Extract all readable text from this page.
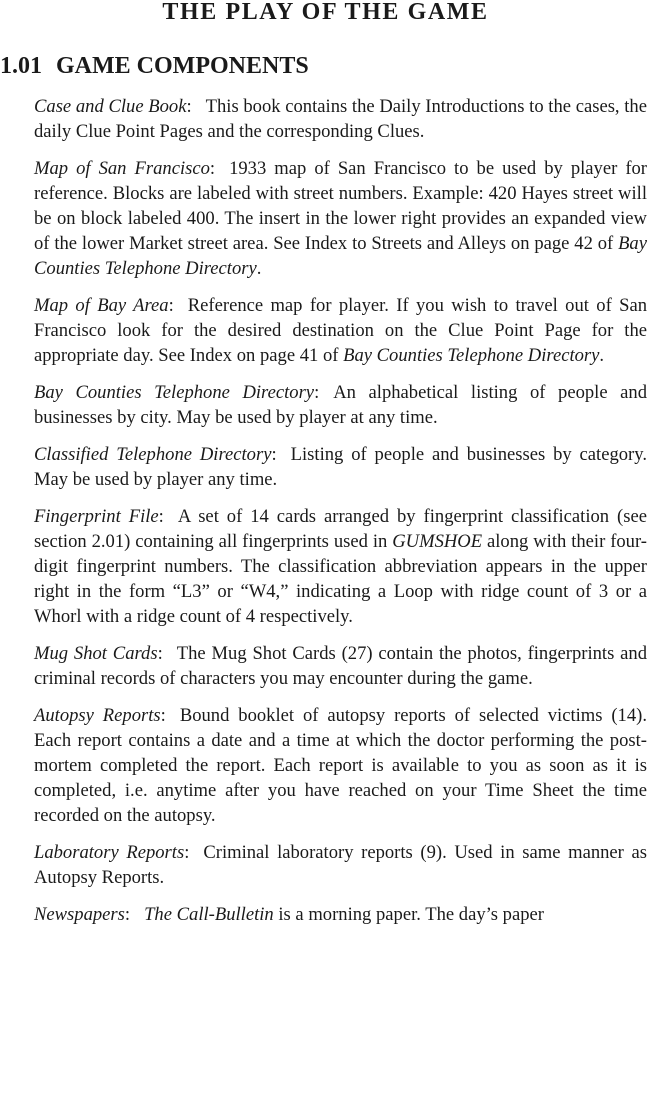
THE PLAY OF THE GAME
1.01 GAME COMPONENTS

Case and Clue Book: This book contains the Daily Introductions to the cases, the daily Clue Point Pages and the corresponding Clues.

Map of San Francisco: 1933 map of San Francisco to be used by player for reference. Blocks are labeled with street numbers. Example: 420 Hayes street will be on block labeled 400. The insert in the lower right provides an expanded view of the lower Market street area. See Index to Streets and Alleys on page 42 of Bay Counties Telephone Directory.

Map of Bay Area: Reference map for player. If you wish to travel out of San Francisco look for the desired destination on the Clue Point Page for the appropriate day. See Index on page 41 of Bay Counties Telephone Directory.

Bay Counties Telephone Directory: An alphabetical listing of people and businesses by city. May be used by player at any time.

Classified Telephone Directory: Listing of people and businesses by category. May be used by player any time.

Fingerprint File: A set of 14 cards arranged by fingerprint classification (see section 2.01) containing all fingerprints used in GUMSHOE along with their four-digit fingerprint numbers. The classification abbreviation appears in the upper right in the form “L3” or “W4,” indicating a Loop with ridge count of 3 or a Whorl with a ridge count of 4 respectively.

Mug Shot Cards: The Mug Shot Cards (27) contain the photos, fingerprints and criminal records of characters you may encounter during the game.

Autopsy Reports: Bound booklet of autopsy reports of selected victims (14). Each report contains a date and a time at which the doctor performing the post-mortem completed the report. Each report is available to you as soon as it is completed, i.e. anytime after you have reached on your Time Sheet the time recorded on the autopsy.

Laboratory Reports: Criminal laboratory reports (9). Used in same manner as Autopsy Reports.

Newspapers: The Call-Bulletin is a morning paper. The day’s paper
